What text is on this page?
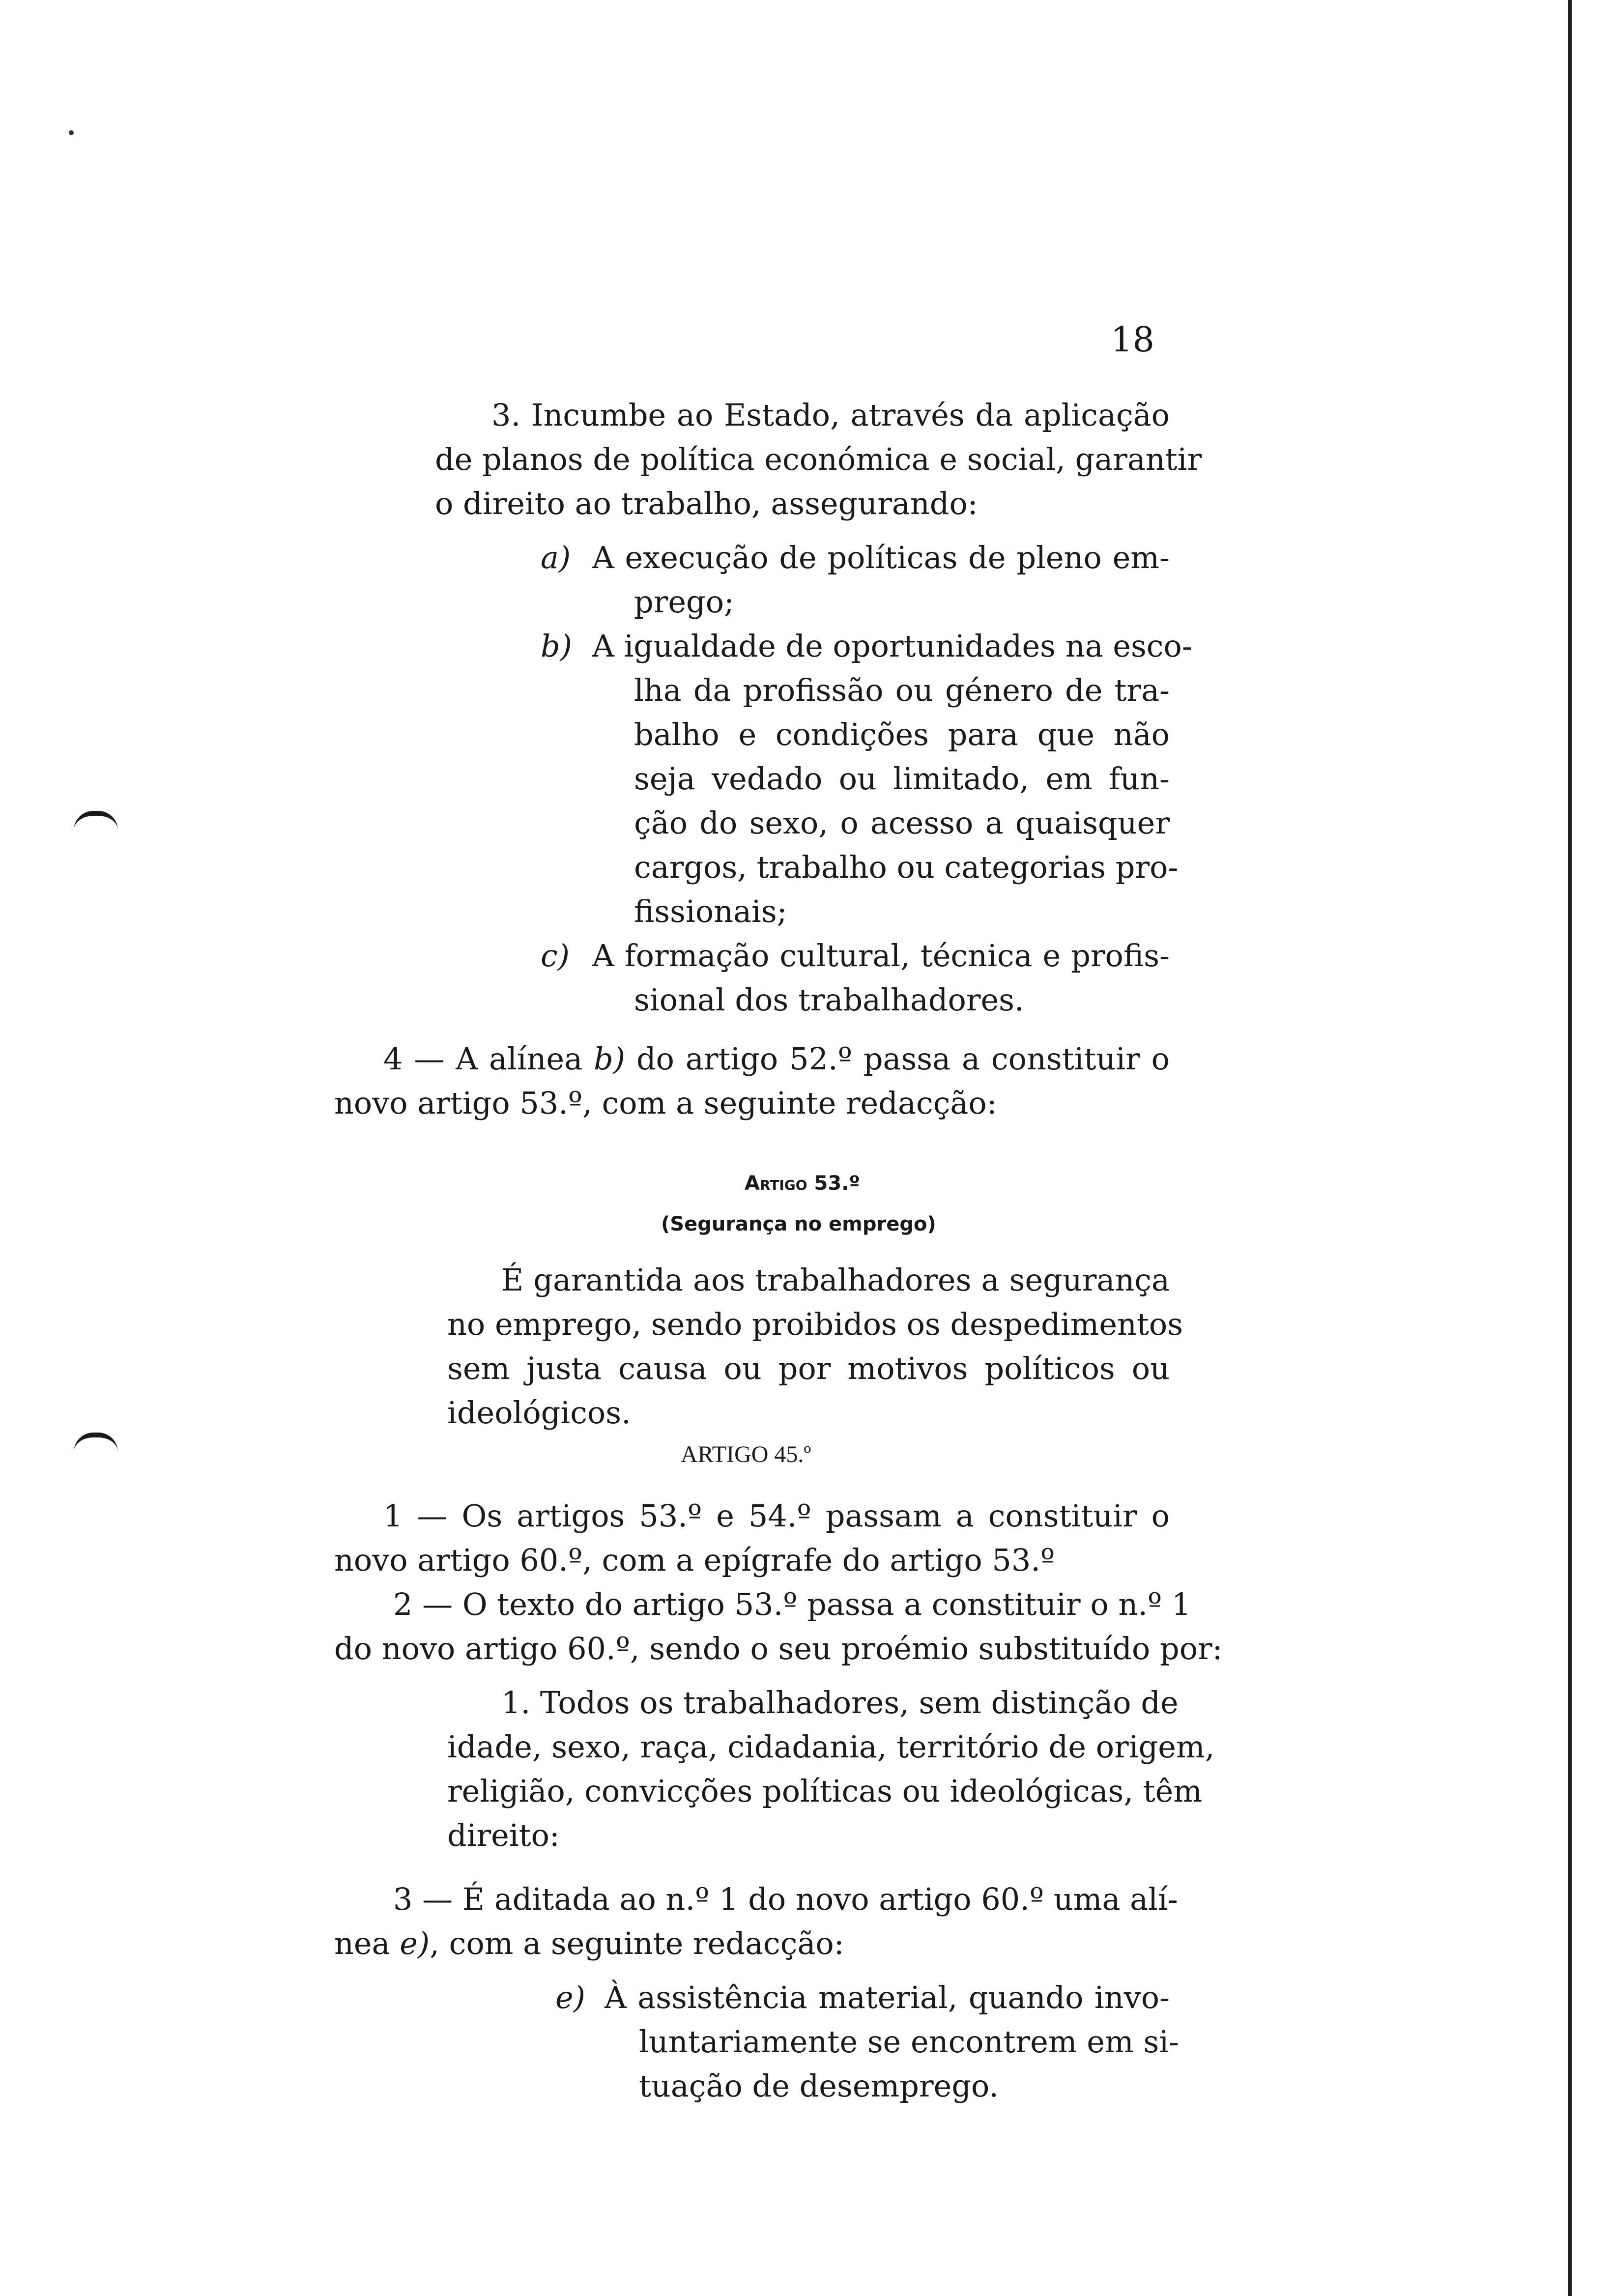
18
3. Incumbe ao Estado, através da aplicação
de planos de política económica e social, garantir
o direito ao trabalho, assegurando:
a) A execução de políticas de pleno em-
prego;
b) A igualdade de oportunidades na esco-
lha da profissão ou género de tra-
balho e condições para que não
seja vedado ou limitado, em fun-
ção do sexo, o acesso a quaisquer
cargos, trabalho ou categorias pro-
fissionais;
c) A formação cultural, técnica e profis-
sional dos trabalhadores.
4 — A alínea b) do artigo 52.º passa a constituir o
novo artigo 53.º, com a seguinte redacção:
Artigo 53.º
(Segurança no emprego)
É garantida aos trabalhadores a segurança
no emprego, sendo proibidos os despedimentos
sem justa causa ou por motivos políticos ou
ideológicos.
ARTIGO 45.º
1 — Os artigos 53.º e 54.º passam a constituir o
novo artigo 60.º, com a epígrafe do artigo 53.º
2 — O texto do artigo 53.º passa a constituir o n.º 1
do novo artigo 60.º, sendo o seu proémio substituído por:
1. Todos os trabalhadores, sem distinção de
idade, sexo, raça, cidadania, território de origem,
religião, convicções políticas ou ideológicas, têm
direito:
3 — É aditada ao n.º 1 do novo artigo 60.º uma alí-
nea e), com a seguinte redacção:
e) À assistência material, quando invo-
luntariamente se encontrem em si-
tuação de desemprego.
